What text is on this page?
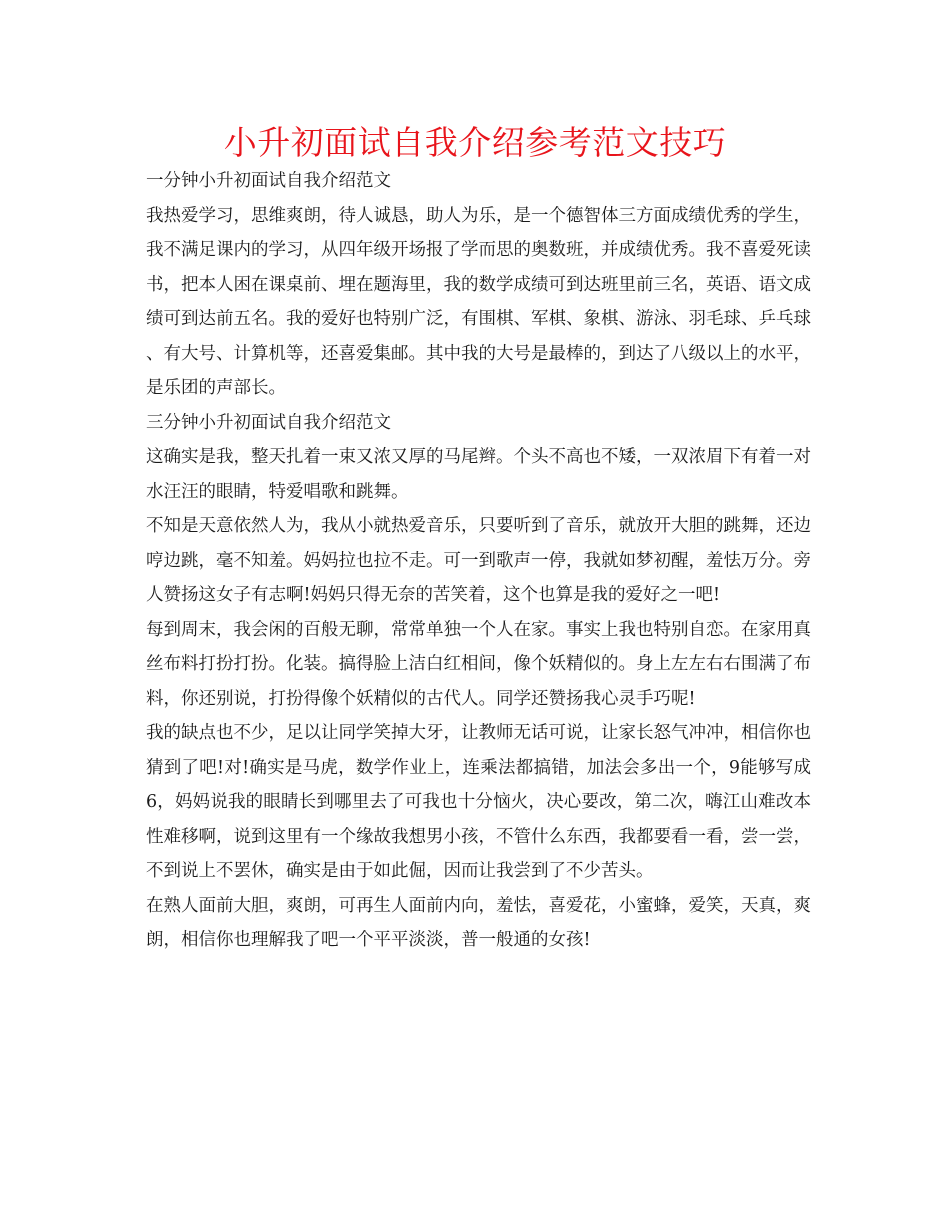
小升初面试自我介绍参考范文技巧

一分钟小升初面试自我介绍范文

我热爱学习，思维爽朗，待人诚恳，助人为乐，是一个德智体三方面成绩优秀的学生，我不满足课内的学习，从四年级开场报了学而思的奥数班，并成绩优秀。我不喜爱死读书，把本人困在课桌前、埋在题海里，我的数学成绩可到达班里前三名，英语、语文成绩可到达前五名。我的爱好也特别广泛，有围棋、军棋、象棋、游泳、羽毛球、乒乓球、有大号、计算机等，还喜爱集邮。其中我的大号是最棒的，到达了八级以上的水平，是乐团的声部长。

三分钟小升初面试自我介绍范文

这确实是我，整天扎着一束又浓又厚的马尾辫。个头不高也不矮，一双浓眉下有着一对水汪汪的眼睛，特爱唱歌和跳舞。

不知是天意依然人为，我从小就热爱音乐，只要听到了音乐，就放开大胆的跳舞，还边哼边跳，毫不知羞。妈妈拉也拉不走。可一到歌声一停，我就如梦初醒，羞怯万分。旁人赞扬这女子有志啊!妈妈只得无奈的苦笑着，这个也算是我的爱好之一吧!

每到周末，我会闲的百般无聊，常常单独一个人在家。事实上我也特别自恋。在家用真丝布料打扮打扮。化装。搞得脸上洁白红相间，像个妖精似的。身上左左右右围满了布料，你还别说，打扮得像个妖精似的古代人。同学还赞扬我心灵手巧呢!

我的缺点也不少，足以让同学笑掉大牙，让教师无话可说，让家长怒气冲冲，相信你也猜到了吧!对!确实是马虎，数学作业上，连乘法都搞错，加法会多出一个，9能够写成6，妈妈说我的眼睛长到哪里去了可我也十分恼火，决心要改，第二次，嗨江山难改本性难移啊，说到这里有一个缘故我想男小孩，不管什么东西，我都要看一看，尝一尝，不到说上不罢休，确实是由于如此倔，因而让我尝到了不少苦头。

在熟人面前大胆，爽朗，可再生人面前内向，羞怯，喜爱花，小蜜蜂，爱笑，天真，爽朗，相信你也理解我了吧一个平平淡淡，普一般通的女孩!
